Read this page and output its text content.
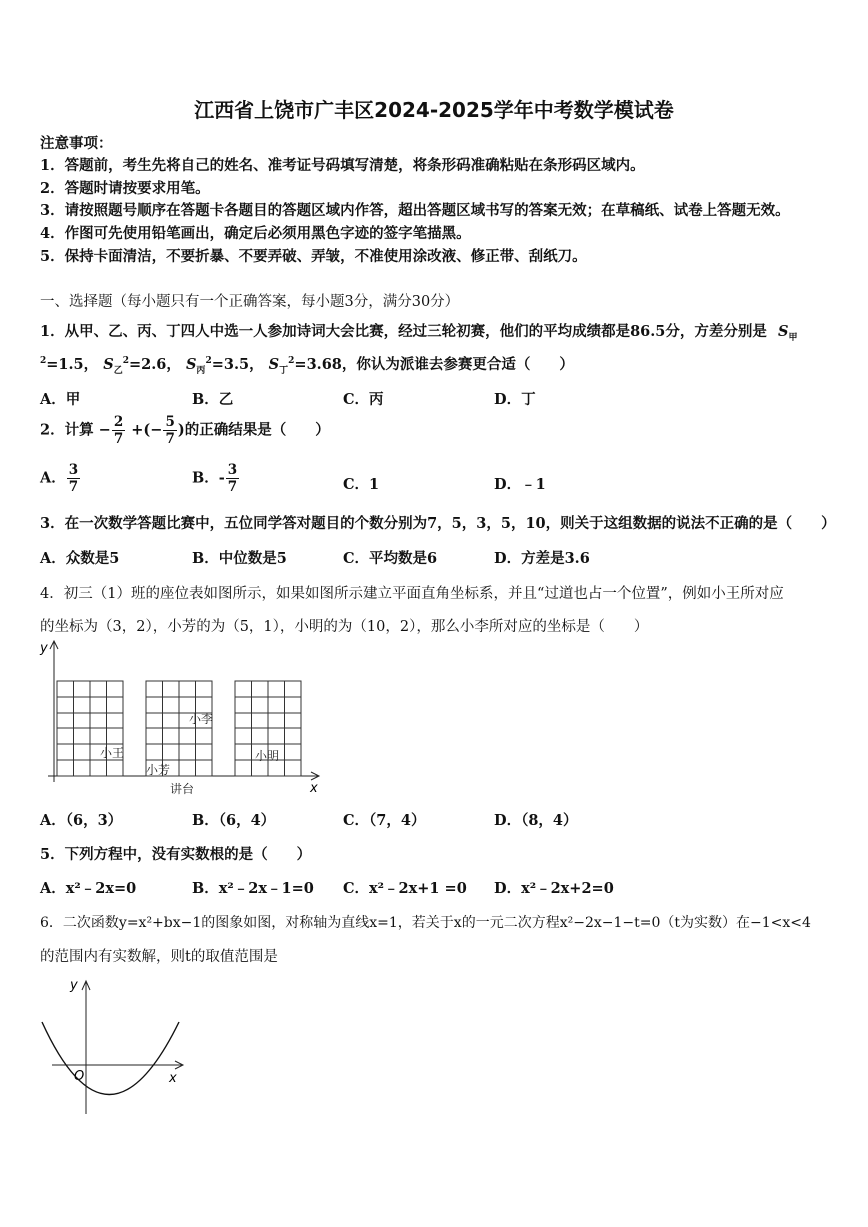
江西省上饶市广丰区2024-2025学年中考数学模试卷
注意事项：
1．答题前，考生先将自己的姓名、准考证号码填写清楚，将条形码准确粘贴在条形码区域内。
2．答题时请按要求用笔。
3．请按照题号顺序在答题卡各题目的答题区域内作答，超出答题区域书写的答案无效；在草稿纸、试卷上答题无效。
4．作图可先使用铅笔画出，确定后必须用黑色字迹的签字笔描黑。
5．保持卡面清洁，不要折暴、不要弄破、弄皱，不准使用涂改液、修正带、刮纸刀。
一、选择题（每小题只有一个正确答案，每小题3分，满分30分）
1．从甲、乙、丙、丁四人中选一人参加诗词大会比赛，经过三轮初赛，他们的平均成绩都是86.5分，方差分别是 $S_甲$
$^2$=1.5， $S_乙^2=2.6$， $S_丙^2=3.5$， $S_丁^2=3.68$，你认为派谁去参赛更合适（　　）
A．甲	B．乙	C．丙	D．丁
2．计算 − $\frac{2}{7}$ +(− $\frac{5}{7}$ )的正确结果是（　　）
A． $\frac{3}{7}$	B．- $\frac{3}{7}$	C．1	D．﹣1
3．在一次数学答题比赛中，五位同学答对题目的个数分别为7，5，3，5，10，则关于这组数据的说法不正确的是（　　）
A．众数是5	B．中位数是5	C．平均数是6	D．方差是3.6
4．初三（1）班的座位表如图所示，如果如图所示建立平面直角坐标系，并且“过道也占一个位置”，例如小王所对应
的坐标为（3，2），小芳的为（5，1），小明的为（10，2），那么小李所对应的坐标是（　　）
y
x
小王
小芳
小李
小明
讲台
A．（6，3）	B．（6，4）	C．（7，4）	D．（8，4）
5．下列方程中，没有实数根的是（　　）
A．x²﹣2x=0	B．x²﹣2x﹣1=0 C．x²﹣2x+1 =0 D．x²﹣2x+2=0
6．二次函数y=x²+bx−1的图象如图，对称轴为直线x=1，若关于x的一元二次方程x²−2x−1−t=0（t为实数）在−1<x<4
的范围内有实数解，则t的取值范围是
y
x
O
